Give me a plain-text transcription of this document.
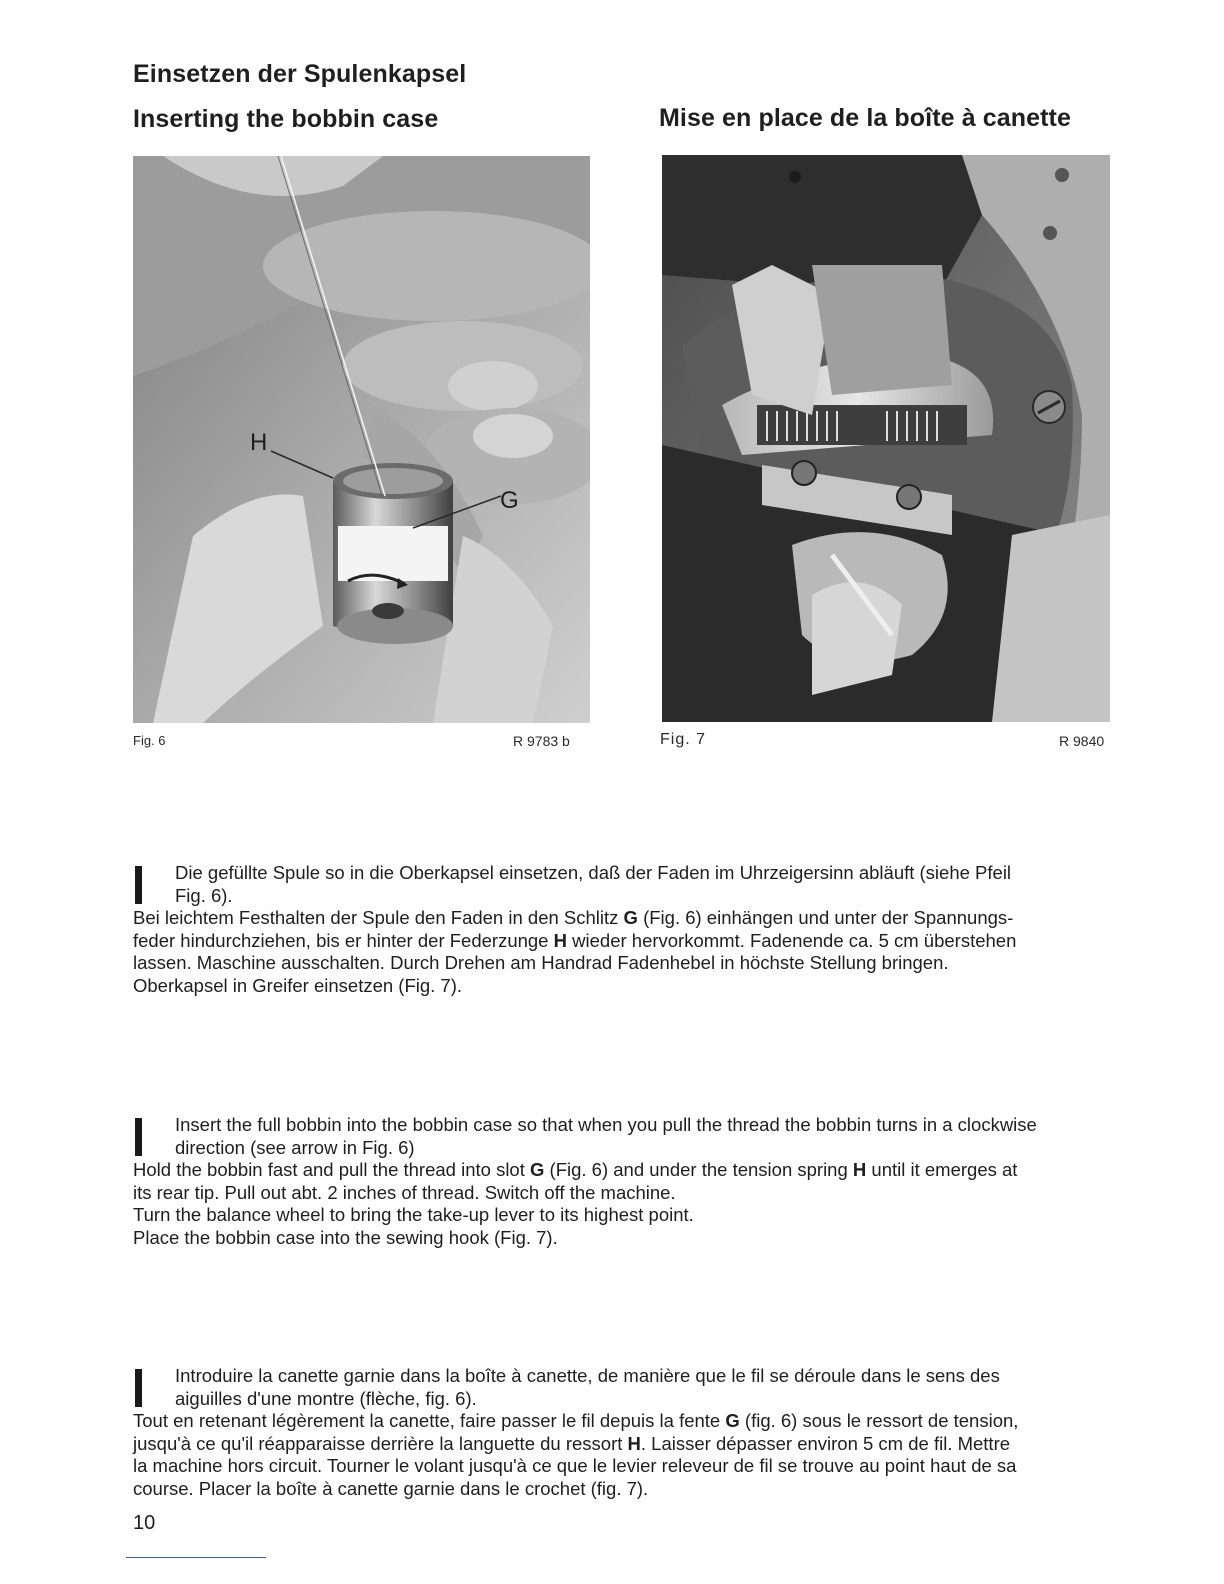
Einsetzen der Spulenkapsel
Inserting the bobbin case	Mise en place de la boîte à canette
H
G
Fig. 6	R 9783 b	Fig. 7	R 9840

Die gefüllte Spule so in die Oberkapsel einsetzen, daß der Faden im Uhrzeigersinn abläuft (siehe Pfeil

Fig. 6).

Bei leichtem Festhalten der Spule den Faden in den Schlitz G (Fig. 6) einhängen und unter der Spannungs-

feder hindurchziehen, bis er hinter der Federzunge H wieder hervorkommt. Fadenende ca. 5 cm überstehen

lassen. Maschine ausschalten. Durch Drehen am Handrad Fadenhebel in höchste Stellung bringen.

Oberkapsel in Greifer einsetzen (Fig. 7).

Insert the full bobbin into the bobbin case so that when you pull the thread the bobbin turns in a clockwise

direction (see arrow in Fig. 6)

Hold the bobbin fast and pull the thread into slot G (Fig. 6) and under the tension spring H until it emerges at

its rear tip. Pull out abt. 2 inches of thread. Switch off the machine.

Turn the balance wheel to bring the take-up lever to its highest point.

Place the bobbin case into the sewing hook (Fig. 7).

Introduire la canette garnie dans la boîte à canette, de manière que le fil se déroule dans le sens des

aiguilles d'une montre (flèche, fig. 6).

Tout en retenant légèrement la canette, faire passer le fil depuis la fente G (fig. 6) sous le ressort de tension,

jusqu'à ce qu'il réapparaisse derrière la languette du ressort H. Laisser dépasser environ 5 cm de fil. Mettre

la machine hors circuit. Tourner le volant jusqu'à ce que le levier releveur de fil se trouve au point haut de sa

course. Placer la boîte à canette garnie dans le crochet (fig. 7).

10
